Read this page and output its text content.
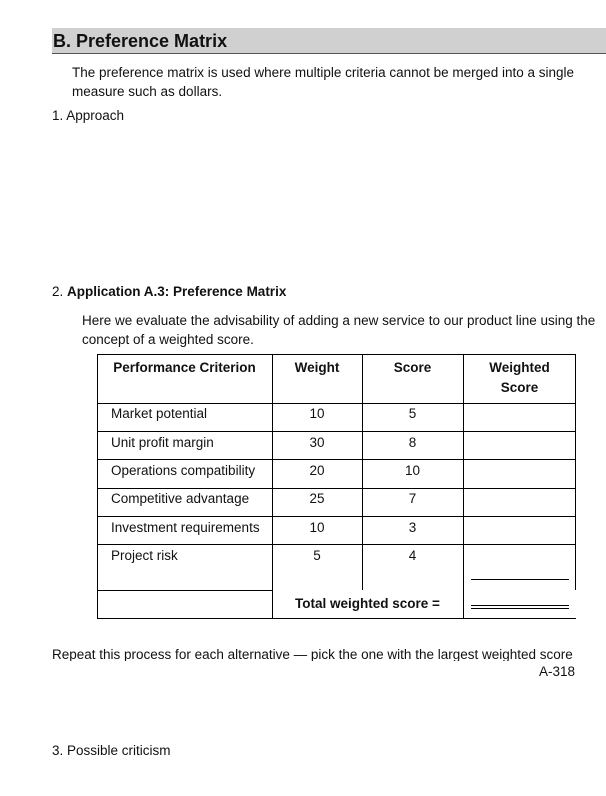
B. Preference Matrix
The preference matrix is used where multiple criteria cannot be merged into a single measure such as dollars.
1. Approach
2. Application A.3: Preference Matrix
Here we evaluate the advisability of adding a new service to our product line using the concept of a weighted score.
Performance Criterion	Weight	Score	Weighted
Score
Market potential	10	5
Unit profit margin	30	8
Operations compatibility	20	10
Competitive advantage	25	7
Investment requirements	10	3
Project risk	5	4
Total weighted score =
Repeat this process for each alternative — pick the one with the largest weighted score
A-318
3. Possible criticism
